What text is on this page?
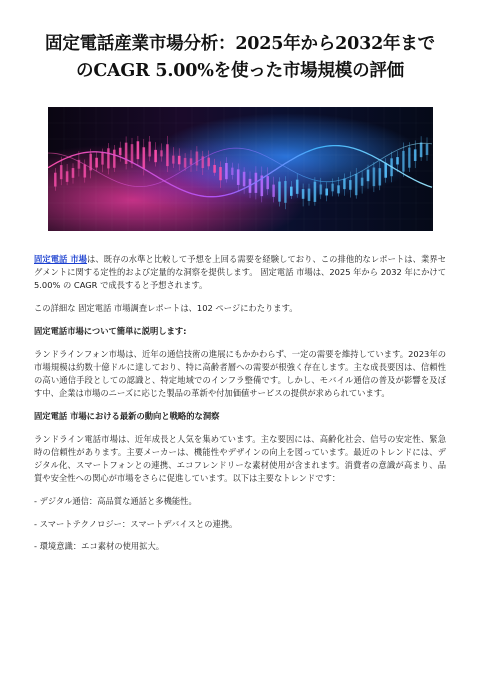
固定電話産業市場分析：2025年から2032年まで
のCAGR 5.00%を使った市場規模の評価

固定電話 市場は、既存の水準と比較して予想を上回る需要を経験しており、この排他的なレポートは、業界セグメントに関する定性的および定量的な洞察を提供します。 固定電話 市場は、2025 年から 2032 年にかけて 5.00% の CAGR で成長すると予想されます。

この詳細な 固定電話 市場調査レポートは、102 ページにわたります。

固定電話市場について簡単に説明します:

ランドラインフォン市場は、近年の通信技術の進展にもかかわらず、一定の需要を維持しています。2023年の市場規模は約数十億ドルに達しており、特に高齢者層への需要が根強く存在します。主な成長要因は、信頼性の高い通信手段としての認識と、特定地域でのインフラ整備です。しかし、モバイル通信の普及が影響を及ぼす中、企業は市場のニーズに応じた製品の革新や付加価値サービスの提供が求められています。

固定電話 市場における最新の動向と戦略的な洞察

ランドライン電話市場は、近年成長と人気を集めています。主な要因には、高齢化社会、信号の安定性、緊急時の信頼性があります。主要メーカーは、機能性やデザインの向上を図っています。最近のトレンドには、デジタル化、スマートフォンとの連携、エコフレンドリーな素材使用が含まれます。消費者の意識が高まり、品質や安全性への関心が市場をさらに促進しています。以下は主要なトレンドです：

- デジタル通信：高品質な通話と多機能性。
- スマートテクノロジー：スマートデバイスとの連携。
- 環境意識：エコ素材の使用拡大。
